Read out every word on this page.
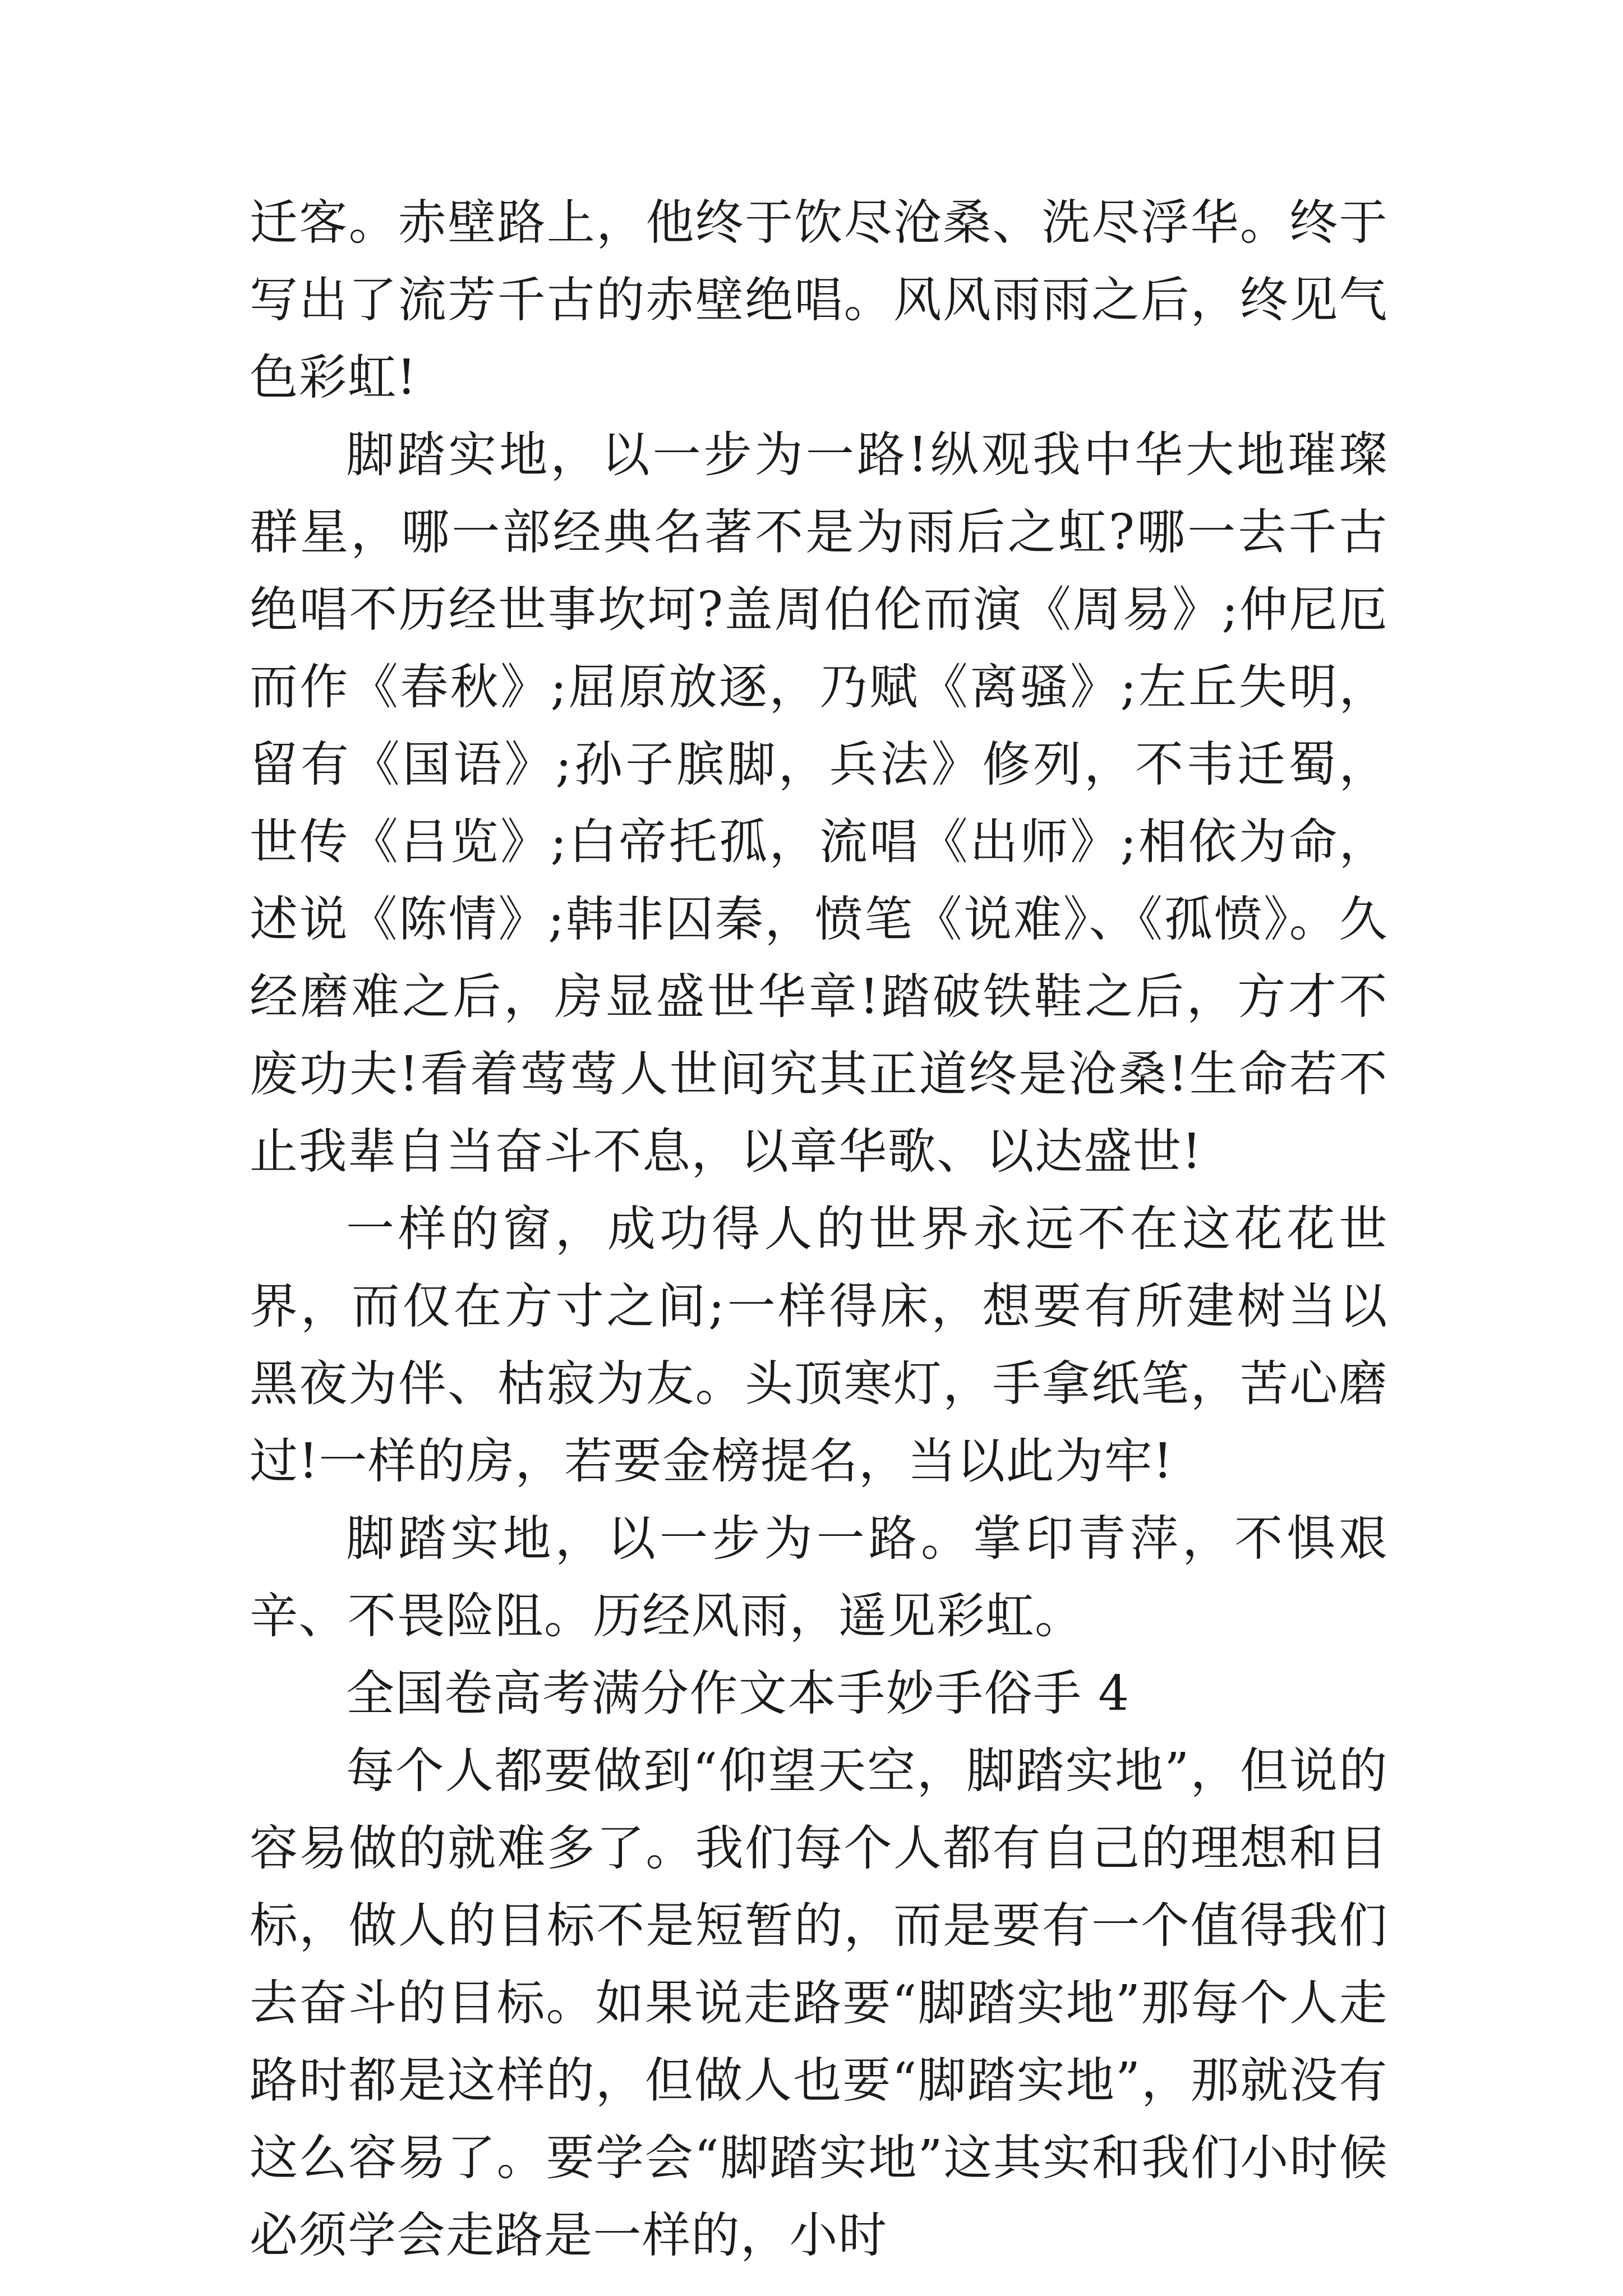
迁客。赤壁路上，他终于饮尽沧桑、洗尽浮华。终于写出了流芳千古的赤壁绝唱。风风雨雨之后，终见气色彩虹!

脚踏实地，以一步为一路!纵观我中华大地璀璨群星，哪一部经典名著不是为雨后之虹?哪一去千古绝唱不历经世事坎坷?盖周伯伦而演《周易》;仲尼厄而作《春秋》;屈原放逐，乃赋《离骚》;左丘失明，留有《国语》;孙子膑脚，兵法》修列，不韦迁蜀，世传《吕览》;白帝托孤，流唱《出师》;相依为命，述说《陈情》;韩非囚秦，愤笔《说难》、《孤愤》。久经磨难之后，房显盛世华章!踏破铁鞋之后，方才不废功夫!看着莺莺人世间究其正道终是沧桑!生命若不止我辈自当奋斗不息，以章华歌、以达盛世!

一样的窗，成功得人的世界永远不在这花花世界，而仅在方寸之间;一样得床，想要有所建树当以黑夜为伴、枯寂为友。头顶寒灯，手拿纸笔，苦心磨过!一样的房，若要金榜提名，当以此为牢!

脚踏实地，以一步为一路。掌印青萍，不惧艰辛、不畏险阻。历经风雨，遥见彩虹。

全国卷高考满分作文本手妙手俗手 4

每个人都要做到“仰望天空，脚踏实地”，但说的容易做的就难多了。我们每个人都有自己的理想和目标，做人的目标不是短暂的，而是要有一个值得我们去奋斗的目标。如果说走路要“脚踏实地”那每个人走路时都是这样的，但做人也要“脚踏实地”，那就没有这么容易了。要学会“脚踏实地”这其实和我们小时候必须学会走路是一样的，小时
